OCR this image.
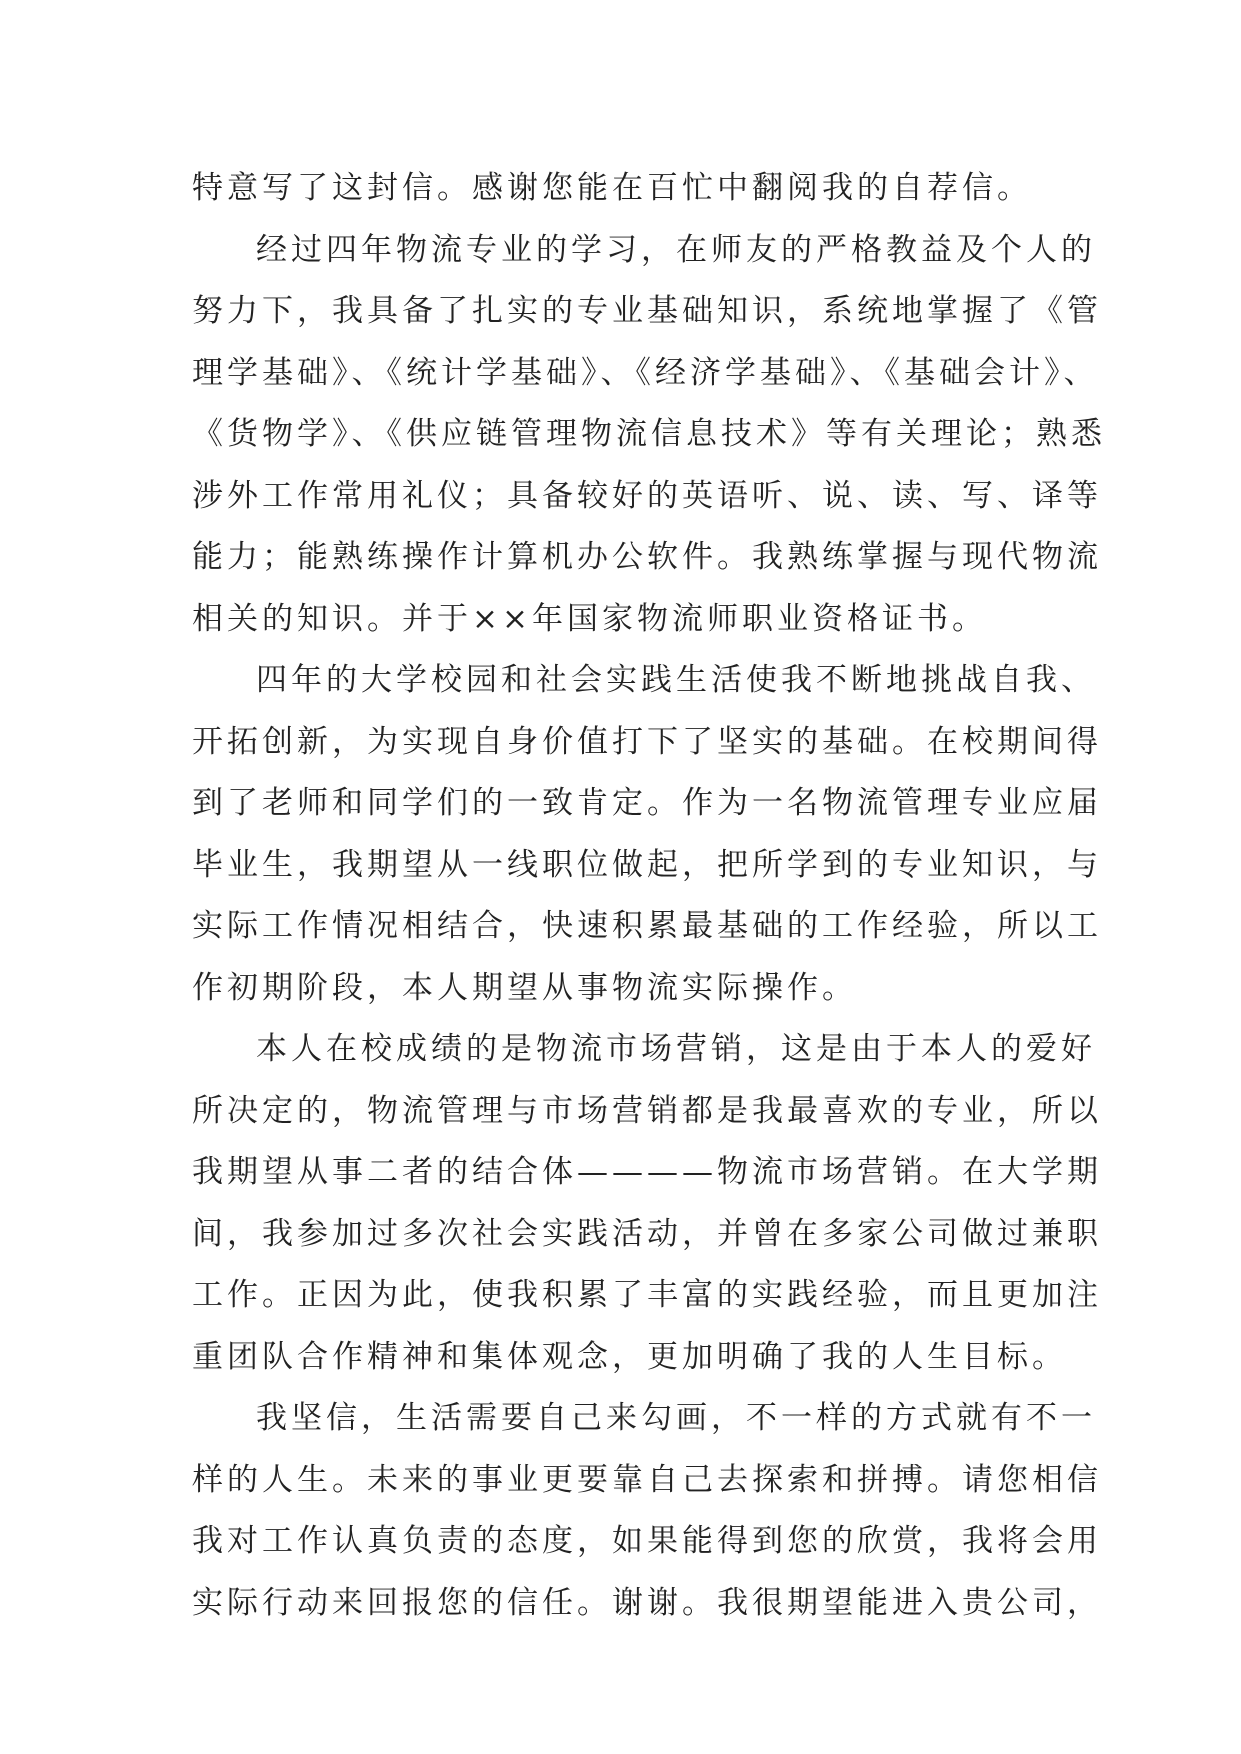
特意写了这封信。感谢您能在百忙中翻阅我的自荐信。
经过四年物流专业的学习，在师友的严格教益及个人的
努力下，我具备了扎实的专业基础知识，系统地掌握了《管
理学基础》、《统计学基础》、《经济学基础》、《基础会计》、
《货物学》、《供应链管理物流信息技术》等有关理论；熟悉
涉外工作常用礼仪；具备较好的英语听、说、读、写、译等
能力；能熟练操作计算机办公软件。我熟练掌握与现代物流
相关的知识。并于××年国家物流师职业资格证书。
四年的大学校园和社会实践生活使我不断地挑战自我、
开拓创新，为实现自身价值打下了坚实的基础。在校期间得
到了老师和同学们的一致肯定。作为一名物流管理专业应届
毕业生，我期望从一线职位做起，把所学到的专业知识，与
实际工作情况相结合，快速积累最基础的工作经验，所以工
作初期阶段，本人期望从事物流实际操作。
本人在校成绩的是物流市场营销，这是由于本人的爱好
所决定的，物流管理与市场营销都是我最喜欢的专业，所以
我期望从事二者的结合体————物流市场营销。在大学期
间，我参加过多次社会实践活动，并曾在多家公司做过兼职
工作。正因为此，使我积累了丰富的实践经验，而且更加注
重团队合作精神和集体观念，更加明确了我的人生目标。
我坚信，生活需要自己来勾画，不一样的方式就有不一
样的人生。未来的事业更要靠自己去探索和拼搏。请您相信
我对工作认真负责的态度，如果能得到您的欣赏，我将会用
实际行动来回报您的信任。谢谢。我很期望能进入贵公司，
